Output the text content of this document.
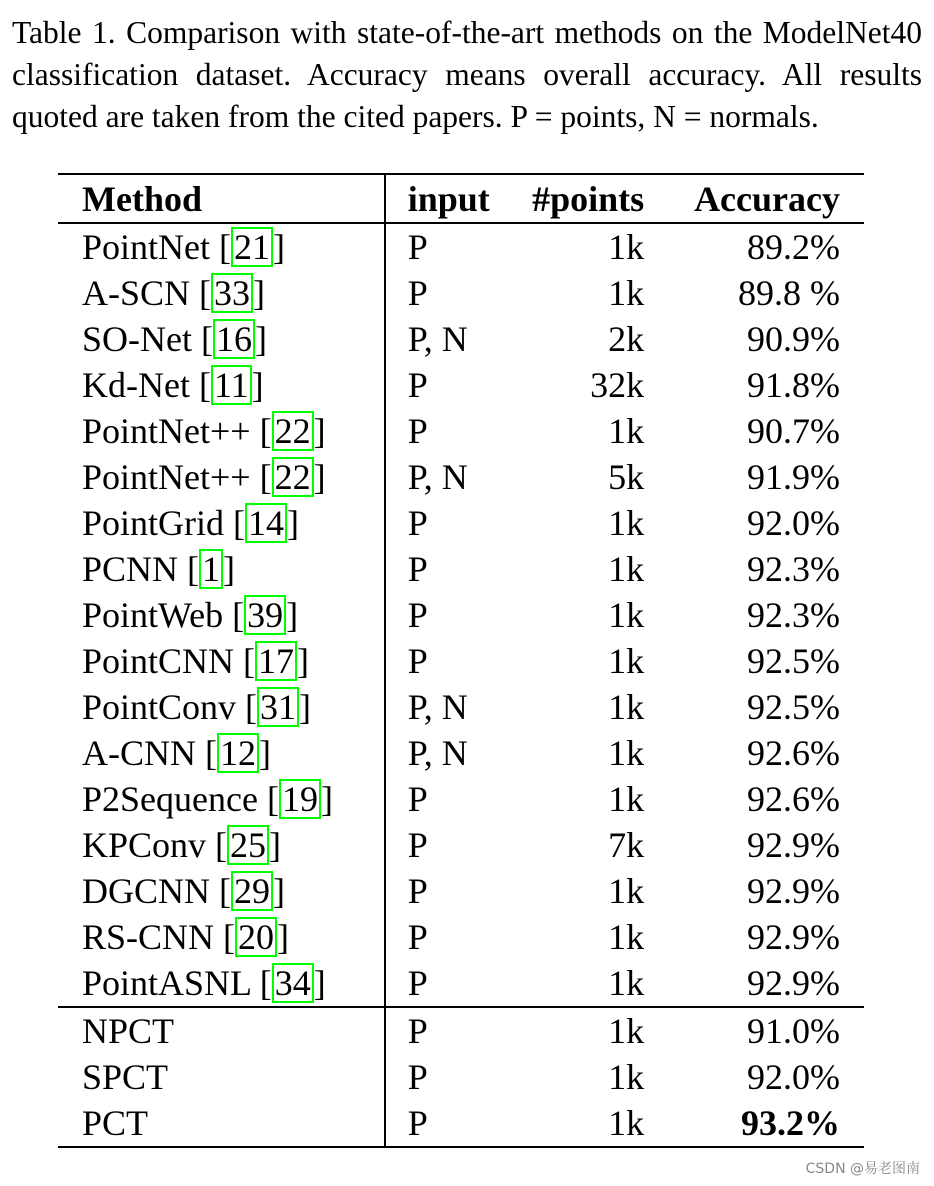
Table 1. Comparison with state-of-the-art methods on the ModelNet40 classification dataset. Accuracy means overall accuracy. All results quoted are taken from the cited papers. P = points, N = normals.

Method	input	#points	Accuracy
PointNet [21]	P	1k	89.2%
A-SCN [33]	P	1k	89.8 %
SO-Net [16]	P, N	2k	90.9%
Kd-Net [11]	P	32k	91.8%
PointNet++ [22]	P	1k	90.7%
PointNet++ [22]	P, N	5k	91.9%
PointGrid [14]	P	1k	92.0%
PCNN [1]	P	1k	92.3%
PointWeb [39]	P	1k	92.3%
PointCNN [17]	P	1k	92.5%
PointConv [31]	P, N	1k	92.5%
A-CNN [12]	P, N	1k	92.6%
P2Sequence [19]	P	1k	92.6%
KPConv [25]	P	7k	92.9%
DGCNN [29]	P	1k	92.9%
RS-CNN [20]	P	1k	92.9%
PointASNL [34]	P	1k	92.9%
NPCT	P	1k	91.0%
SPCT	P	1k	92.0%
PCT	P	1k	93.2%
CSDN @易老图南
